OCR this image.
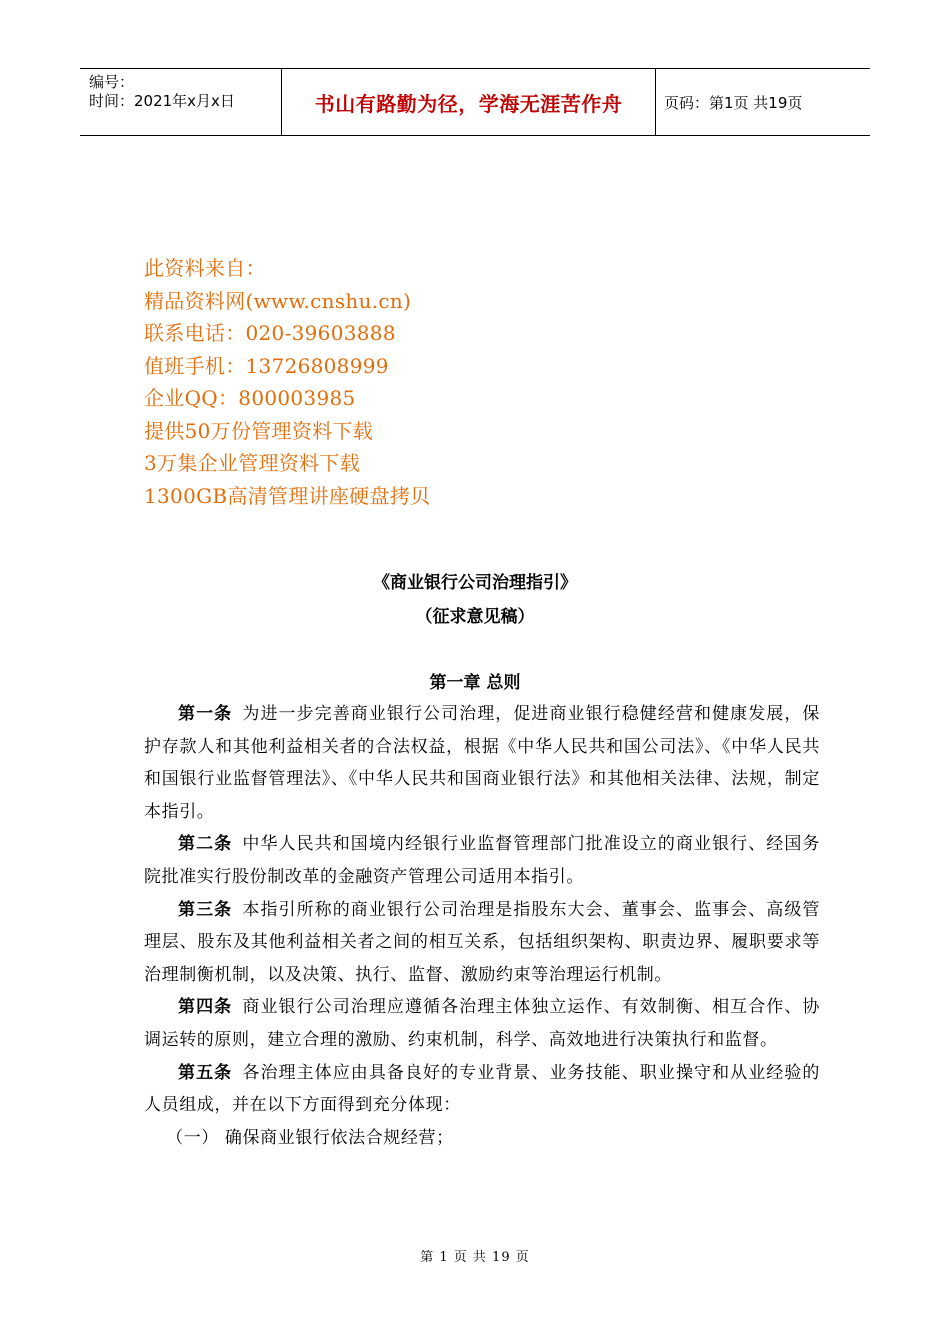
编号：
时间：2021年x月x日	书山有路勤为径，学海无涯苦作舟	页码：第1页 共19页
此资料来自：
精品资料网(www.cnshu.cn)
联系电话：020-39603888
值班手机：13726808999
企业QQ：800003985
提供50万份管理资料下载
3万集企业管理资料下载
1300GB高清管理讲座硬盘拷贝
《商业银行公司治理指引》
（征求意见稿）
第一章 总则

第一条 为进一步完善商业银行公司治理，促进商业银行稳健经营和健康发展，保护存款人和其他利益相关者的合法权益，根据《中华人民共和国公司法》、《中华人民共和国银行业监督管理法》、《中华人民共和国商业银行法》和其他相关法律、法规，制定本指引。

第二条 中华人民共和国境内经银行业监督管理部门批准设立的商业银行、经国务院批准实行股份制改革的金融资产管理公司适用本指引。

第三条 本指引所称的商业银行公司治理是指股东大会、董事会、监事会、高级管理层、股东及其他利益相关者之间的相互关系，包括组织架构、职责边界、履职要求等治理制衡机制，以及决策、执行、监督、激励约束等治理运行机制。

第四条 商业银行公司治理应遵循各治理主体独立运作、有效制衡、相互合作、协调运转的原则，建立合理的激励、约束机制，科学、高效地进行决策执行和监督。

第五条 各治理主体应由具备良好的专业背景、业务技能、职业操守和从业经验的人员组成，并在以下方面得到充分体现：

（一） 确保商业银行依法合规经营；

第 1 页 共 19 页
